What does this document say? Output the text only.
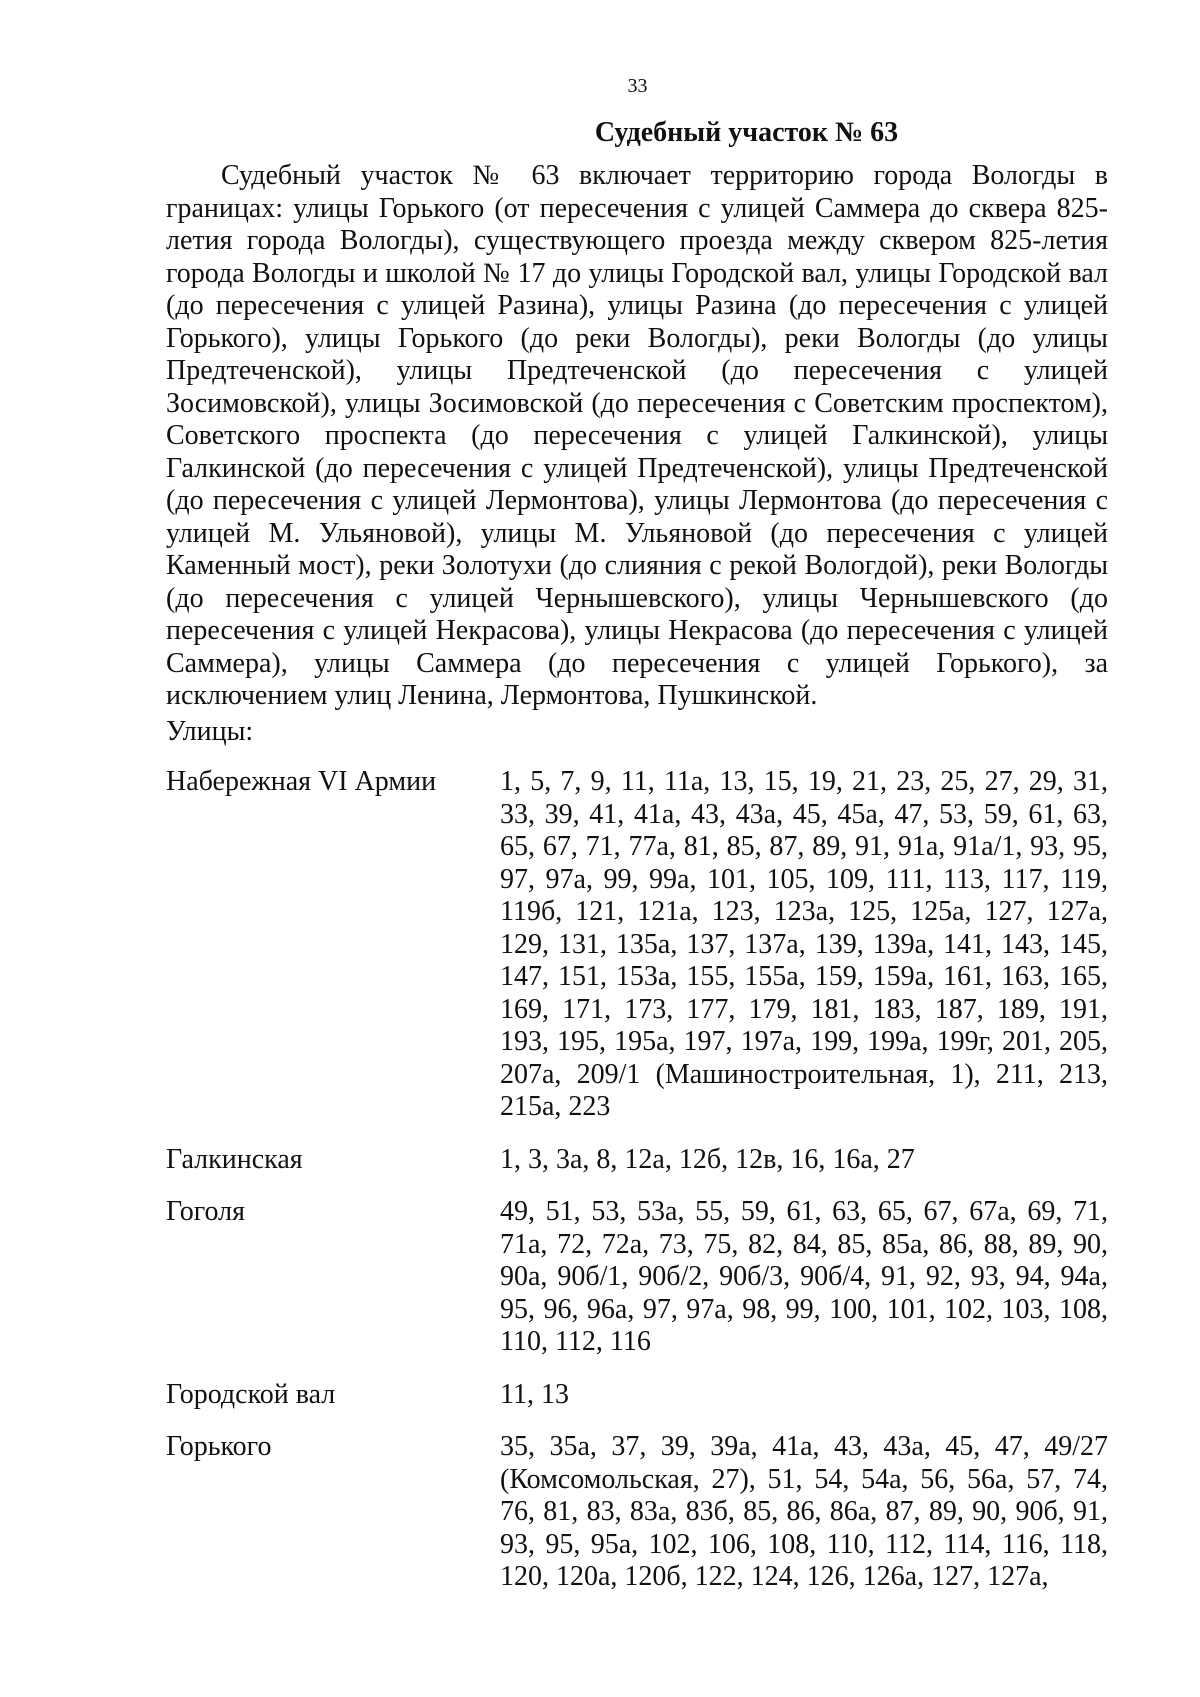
33
Судебный участок № 63

Судебный участок № 63 включает территорию города Вологды в границах: улицы Горького (от пересечения с улицей Саммера до сквера 825-летия города Вологды), существующего проезда между сквером 825-летия города Вологды и школой № 17 до улицы Городской вал, улицы Городской вал (до пересечения с улицей Разина), улицы Разина (до пересечения с улицей Горького), улицы Горького (до реки Вологды), реки Вологды (до улицы Предтеченской), улицы Предтеченской (до пересечения с улицей Зосимовской), улицы Зосимовской (до пересечения с Советским проспектом), Советского проспекта (до пересечения с улицей Галкинской), улицы Галкинской (до пересечения с улицей Предтеченской), улицы Предтеченской (до пересечения с улицей Лермонтова), улицы Лермонтова (до пересечения с улицей М. Ульяновой), улицы М. Ульяновой (до пересечения с улицей Каменный мост), реки Золотухи (до слияния с рекой Вологдой), реки Вологды (до пересечения с улицей Чернышевского), улицы Чернышевского (до пересечения с улицей Некрасова), улицы Некрасова (до пересечения с улицей Саммера), улицы Саммера (до пересечения с улицей Горького), за исключением улиц Ленина, Лермонтова, Пушкинской.

Улицы:
Набережная VI Армии	1, 5, 7, 9, 11, 11а, 13, 15, 19, 21, 23, 25, 27, 29, 31, 33, 39, 41, 41а, 43, 43а, 45, 45а, 47, 53, 59, 61, 63, 65, 67, 71, 77а, 81, 85, 87, 89, 91, 91а, 91а/1, 93, 95, 97, 97а, 99, 99а, 101, 105, 109, 111, 113, 117, 119, 119б, 121, 121а, 123, 123а, 125, 125а, 127, 127а, 129, 131, 135а, 137, 137а, 139, 139а, 141, 143, 145, 147, 151, 153а, 155, 155а, 159, 159а, 161, 163, 165, 169, 171, 173, 177, 179, 181, 183, 187, 189, 191, 193, 195, 195а, 197, 197а, 199, 199а, 199г, 201, 205, 207а, 209/1 (Машиностроительная, 1), 211, 213, 215а, 223
Галкинская	1, 3, 3а, 8, 12а, 12б, 12в, 16, 16а, 27
Гоголя	49, 51, 53, 53а, 55, 59, 61, 63, 65, 67, 67а, 69, 71, 71а, 72, 72а, 73, 75, 82, 84, 85, 85а, 86, 88, 89, 90, 90а, 90б/1, 90б/2, 90б/3, 90б/4, 91, 92, 93, 94, 94а, 95, 96, 96а, 97, 97а, 98, 99, 100, 101, 102, 103, 108, 110, 112, 116
Городской вал	11, 13
Горького	35, 35а, 37, 39, 39а, 41а, 43, 43а, 45, 47, 49/27 (Комсомольская, 27), 51, 54, 54а, 56, 56а, 57, 74, 76, 81, 83, 83а, 83б, 85, 86, 86а, 87, 89, 90, 90б, 91, 93, 95, 95а, 102, 106, 108, 110, 112, 114, 116, 118, 120, 120а, 120б, 122, 124, 126, 126а, 127, 127а,
